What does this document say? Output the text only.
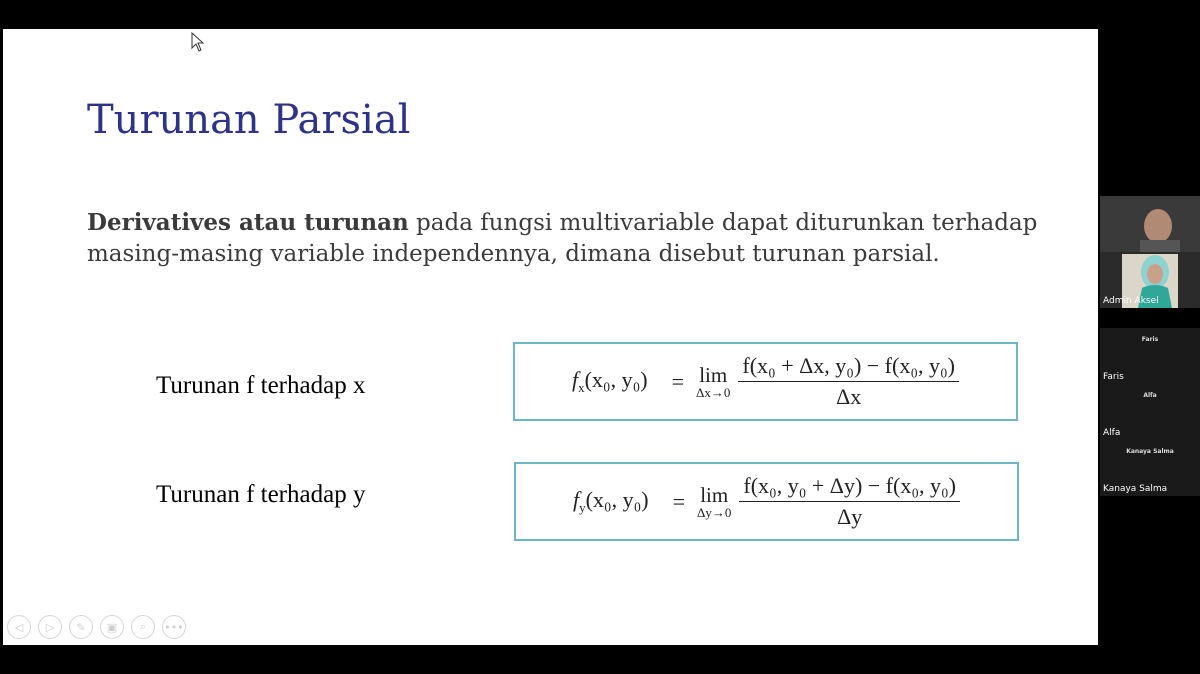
Turunan Parsial
Derivatives atau turunan pada fungsi multivariable dapat diturunkan terhadap masing-masing variable independennya, dimana disebut turunan parsial.
Turunan f terhadap x	$f_x(x_0$, y₀) = lim
$\Delta x\to 0 \frac{\text{f(x₀ + Δx, y₀) − f(x₀, y₀)}}{\Delta x}$
Turunan f terhadap y	$f_y(x_0$, y₀) = lim
$\Delta y\to 0 \frac{\text{f(x₀, y₀ + Δy) − f(x₀, y₀)}}{\Delta y}$
◁	▷	✎	▣	⌕	•••
Admin Aksel
Faris
Faris
Alfa
Alfa
Kanaya Salma
Kanaya Salma
